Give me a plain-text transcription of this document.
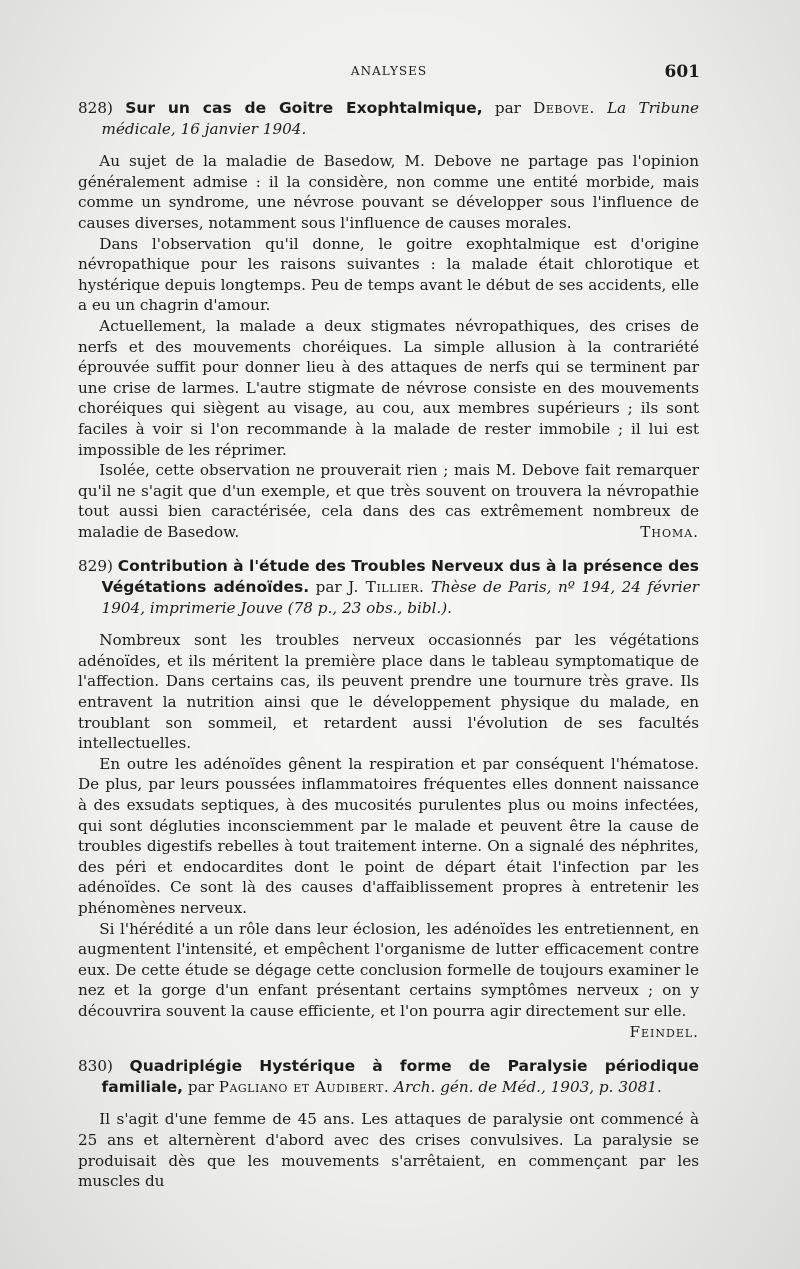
ANALYSES	601

828) Sur un cas de Goitre Exophtalmique, par Debove. La Tribune médicale, 16 janvier 1904.

Au sujet de la maladie de Basedow, M. Debove ne partage pas l'opinion généralement admise : il la considère, non comme une entité morbide, mais comme un syndrome, une névrose pouvant se développer sous l'influence de causes diverses, notamment sous l'influence de causes morales.

Dans l'observation qu'il donne, le goitre exophtalmique est d'origine névropathique pour les raisons suivantes : la malade était chlorotique et hystérique depuis longtemps. Peu de temps avant le début de ses accidents, elle a eu un chagrin d'amour.

Actuellement, la malade a deux stigmates névropathiques, des crises de nerfs et des mouvements choréiques. La simple allusion à la contrariété éprouvée suffit pour donner lieu à des attaques de nerfs qui se terminent par une crise de larmes. L'autre stigmate de névrose consiste en des mouvements choréiques qui siègent au visage, au cou, aux membres supérieurs ; ils sont faciles à voir si l'on recommande à la malade de rester immobile ; il lui est impossible de les réprimer.

Isolée, cette observation ne prouverait rien ; mais M. Debove fait remarquer qu'il ne s'agit que d'un exemple, et que très souvent on trouvera la névropathie tout aussi bien caractérisée, cela dans des cas extrêmement nombreux de maladie de Basedow.	Thoma.

829) Contribution à l'étude des Troubles Nerveux dus à la présence des Végétations adénoïdes. par J. Tillier. Thèse de Paris, nº 194, 24 février 1904, imprimerie Jouve (78 p., 23 obs., bibl.).

Nombreux sont les troubles nerveux occasionnés par les végétations adénoïdes, et ils méritent la première place dans le tableau symptomatique de l'affection. Dans certains cas, ils peuvent prendre une tournure très grave. Ils entravent la nutrition ainsi que le développement physique du malade, en troublant son sommeil, et retardent aussi l'évolution de ses facultés intellectuelles.

En outre les adénoïdes gênent la respiration et par conséquent l'hématose. De plus, par leurs poussées inflammatoires fréquentes elles donnent naissance à des exsudats septiques, à des mucosités purulentes plus ou moins infectées, qui sont dégluties inconsciemment par le malade et peuvent être la cause de troubles digestifs rebelles à tout traitement interne. On a signalé des néphrites, des péri et endocardites dont le point de départ était l'infection par les adénoïdes. Ce sont là des causes d'affaiblissement propres à entretenir les phénomènes nerveux.

Si l'hérédité a un rôle dans leur éclosion, les adénoïdes les entretiennent, en augmentent l'intensité, et empêchent l'organisme de lutter efficacement contre eux. De cette étude se dégage cette conclusion formelle de toujours examiner le nez et la gorge d'un enfant présentant certains symptômes nerveux ; on y découvrira souvent la cause efficiente, et l'on pourra agir directement sur elle.

Feindel.

830) Quadriplégie Hystérique à forme de Paralysie périodique familiale, par Pagliano et Audibert. Arch. gén. de Méd., 1903, p. 3081.

Il s'agit d'une femme de 45 ans. Les attaques de paralysie ont commencé à 25 ans et alternèrent d'abord avec des crises convulsives. La paralysie se produisait dès que les mouvements s'arrêtaient, en commençant par les muscles du
